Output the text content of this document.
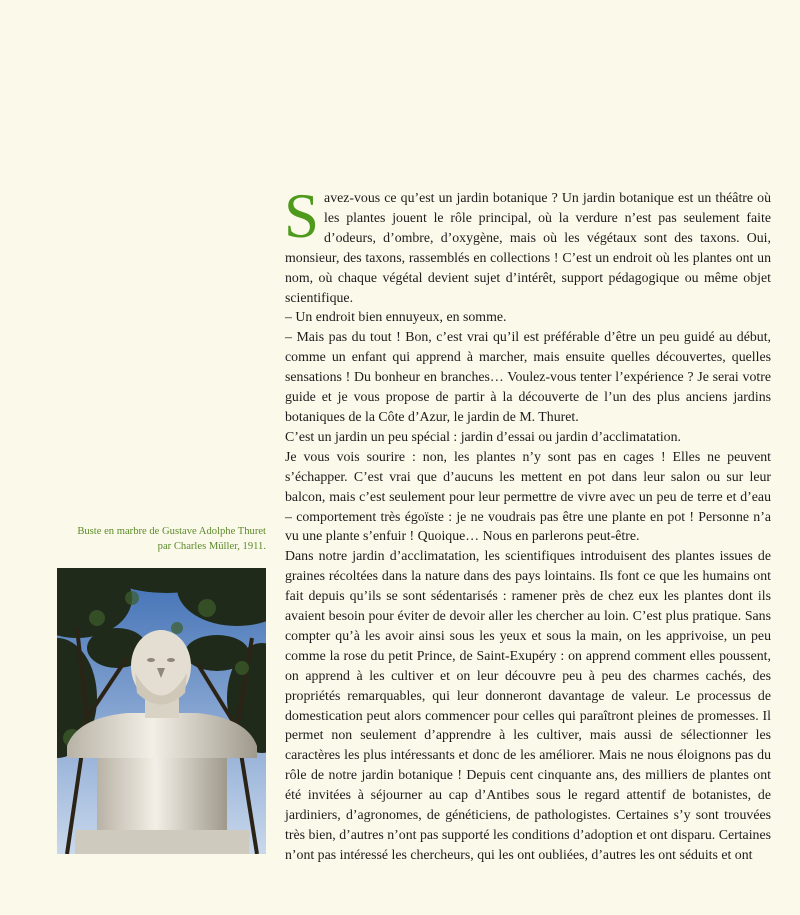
Buste en marbre de Gustave Adolphe Thuret
par Charles Müller, 1911.

Savez-vous ce qu’est un jardin botanique ? Un jardin botanique est un théâtre où les plantes jouent le rôle principal, où la verdure n’est pas seulement faite d’odeurs, d’ombre, d’oxygène, mais où les végétaux sont des taxons. Oui, monsieur, des taxons, rassemblés en collections ! C’est un endroit où les plantes ont un nom, où chaque végétal devient sujet d’intérêt, support pédagogique ou même objet scientifique.

– Un endroit bien ennuyeux, en somme.

– Mais pas du tout ! Bon, c’est vrai qu’il est préférable d’être un peu guidé au début, comme un enfant qui apprend à marcher, mais ensuite quelles découvertes, quelles sensations ! Du bonheur en branches… Voulez-vous tenter l’expérience ? Je serai votre guide et je vous propose de partir à la découverte de l’un des plus anciens jardins botaniques de la Côte d’Azur, le jardin de M. Thuret.

C’est un jardin un peu spécial : jardin d’essai ou jardin d’acclimatation.

Je vous vois sourire : non, les plantes n’y sont pas en cages ! Elles ne peuvent s’échapper. C’est vrai que d’aucuns les mettent en pot dans leur salon ou sur leur balcon, mais c’est seulement pour leur permettre de vivre avec un peu de terre et d’eau – comportement très égoïste : je ne voudrais pas être une plante en pot ! Personne n’a vu une plante s’enfuir ! Quoique… Nous en parlerons peut-être.

Dans notre jardin d’acclimatation, les scientifiques introduisent des plantes issues de graines récoltées dans la nature dans des pays lointains. Ils font ce que les humains ont fait depuis qu’ils se sont sédentarisés : ramener près de chez eux les plantes dont ils avaient besoin pour éviter de devoir aller les chercher au loin. C’est plus pratique. Sans compter qu’à les avoir ainsi sous les yeux et sous la main, on les apprivoise, un peu comme la rose du petit Prince, de Saint-Exupéry : on apprend comment elles poussent, on apprend à les cultiver et on leur découvre peu à peu des charmes cachés, des propriétés remarquables, qui leur donneront davantage de valeur. Le processus de domestication peut alors commencer pour celles qui paraîtront pleines de promesses. Il permet non seulement d’apprendre à les cultiver, mais aussi de sélectionner les caractères les plus intéressants et donc de les améliorer. Mais ne nous éloignons pas du rôle de notre jardin botanique ! Depuis cent cinquante ans, des milliers de plantes ont été invitées à séjourner au cap d’Antibes sous le regard attentif de botanistes, de jardiniers, d’agronomes, de généticiens, de pathologistes. Certaines s’y sont trouvées très bien, d’autres n’ont pas supporté les conditions d’adoption et ont disparu. Certaines n’ont pas intéressé les chercheurs, qui les ont oubliées, d’autres les ont séduits et ont
